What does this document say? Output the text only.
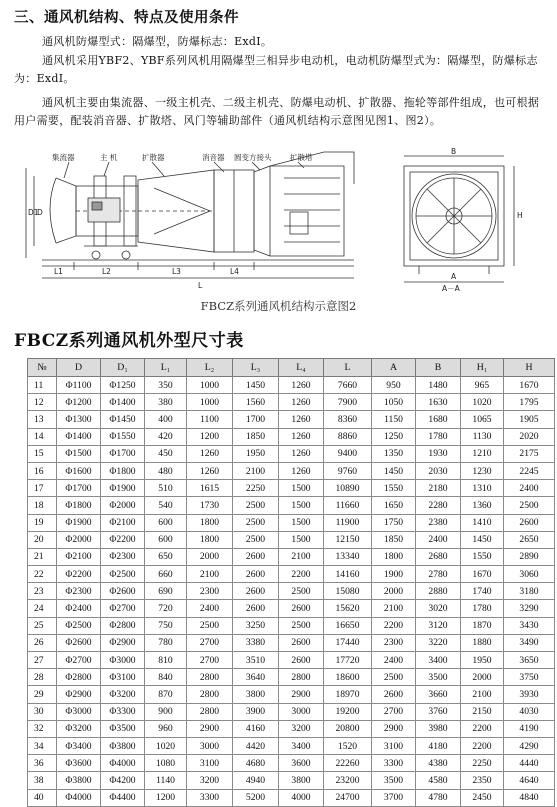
三、通风机结构、特点及使用条件
通风机防爆型式：隔爆型，防爆标志：ExdI。
通风机采用YBF2、YBF系列风机用隔爆型三相异步电动机，电动机防爆型式为：隔爆型，防爆标志为：ExdI。
通风机主要由集流器、一级主机壳、二级主机壳、防爆电动机、扩散器、拖轮等部件组成，也可根据用户需要，配装消音器、扩散塔、风门等辅助部件（通风机结构示意图见图1、图2）。
集流器	主 机	扩散器	消音器 圆变方接头 扩散塔
D
D1
L1	L2	L3	L4
L
A
B
H
A－A
FBCZ系列通风机结构示意图2
FBCZ系列通风机外型尺寸表
№	D	D₁	L₁	L₂	L₃	L₄	L	A	B	H₁	H
11	Φ1100	Φ1250	350	1000	1450	1260	7660	950	1480	965	1670
12	Φ1200	Φ1400	380	1000	1560	1260	7900	1050	1630	1020	1795
13	Φ1300	Φ1450	400	1100	1700	1260	8360	1150	1680	1065	1905
14	Φ1400	Φ1550	420	1200	1850	1260	8860	1250	1780	1130	2020
15	Φ1500	Φ1700	450	1260	1950	1260	9400	1350	1930	1210	2175
16	Φ1600	Φ1800	480	1260	2100	1260	9760	1450	2030	1230	2245
17	Φ1700	Φ1900	510	1615	2250	1500	10890	1550	2180	1310	2400
18	Φ1800	Φ2000	540	1730	2500	1500	11660	1650	2280	1360	2500
19	Φ1900	Φ2100	600	1800	2500	1500	11900	1750	2380	1410	2600
20	Φ2000	Φ2200	600	1800	2500	1500	12150	1850	2400	1450	2650
21	Φ2100	Φ2300	650	2000	2600	2100	13340	1800	2680	1550	2890
22	Φ2200	Φ2500	660	2100	2600	2200	14160	1900	2780	1670	3060
23	Φ2300	Φ2600	690	2300	2600	2500	15080	2000	2880	1740	3180
24	Φ2400	Φ2700	720	2400	2600	2600	15620	2100	3020	1780	3290
25	Φ2500	Φ2800	750	2500	3250	2500	16650	2200	3120	1870	3430
26	Φ2600	Φ2900	780	2700	3380	2600	17440	2300	3220	1880	3490
27	Φ2700	Φ3000	810	2700	3510	2600	17720	2400	3400	1950	3650
28	Φ2800	Φ3100	840	2800	3640	2800	18600	2500	3500	2000	3750
29	Φ2900	Φ3200	870	2800	3800	2900	18970	2600	3660	2100	3930
30	Φ3000	Φ3300	900	2800	3900	3000	19200	2700	3760	2150	4030
32	Φ3200	Φ3500	960	2900	4160	3200	20800	2900	3980	2200	4190
34	Φ3400	Φ3800	1020	3000	4420	3400	1520	3100	4180	2200	4290
36	Φ3600	Φ4000	1080	3100	4680	3600	22260	3300	4380	2250	4440
38	Φ3800	Φ4200	1140	3200	4940	3800	23200	3500	4580	2350	4640
40	Φ4000	Φ4400	1200	3300	5200	4000	24700	3700	4780	2450	4840
